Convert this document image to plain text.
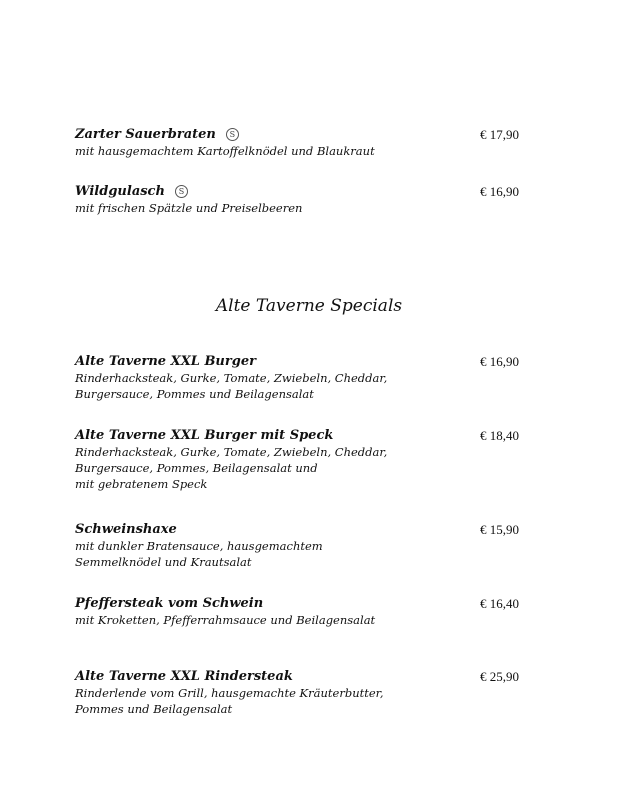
Zarter Sauerbraten S
mit hausgemachtem Kartoffelknödel und Blaukraut
€ 17,90
Wildgulasch S
mit frischen Spätzle und Preiselbeeren
€ 16,90
Alte Taverne Specials
Alte Taverne XXL Burger
Rinderhacksteak, Gurke, Tomate, Zwiebeln, Cheddar,
Burgersauce, Pommes und Beilagensalat
€ 16,90
Alte Taverne XXL Burger mit Speck
Rinderhacksteak, Gurke, Tomate, Zwiebeln, Cheddar,
Burgersauce, Pommes, Beilagensalat und
mit gebratenem Speck
€ 18,40
Schweinshaxe
mit dunkler Bratensauce, hausgemachtem
Semmelknödel und Krautsalat
€ 15,90
Pfeffersteak vom Schwein
mit Kroketten, Pfefferrahmsauce und Beilagensalat
€ 16,40
Alte Taverne XXL Rindersteak
Rinderlende vom Grill, hausgemachte Kräuterbutter,
Pommes und Beilagensalat
€ 25,90
